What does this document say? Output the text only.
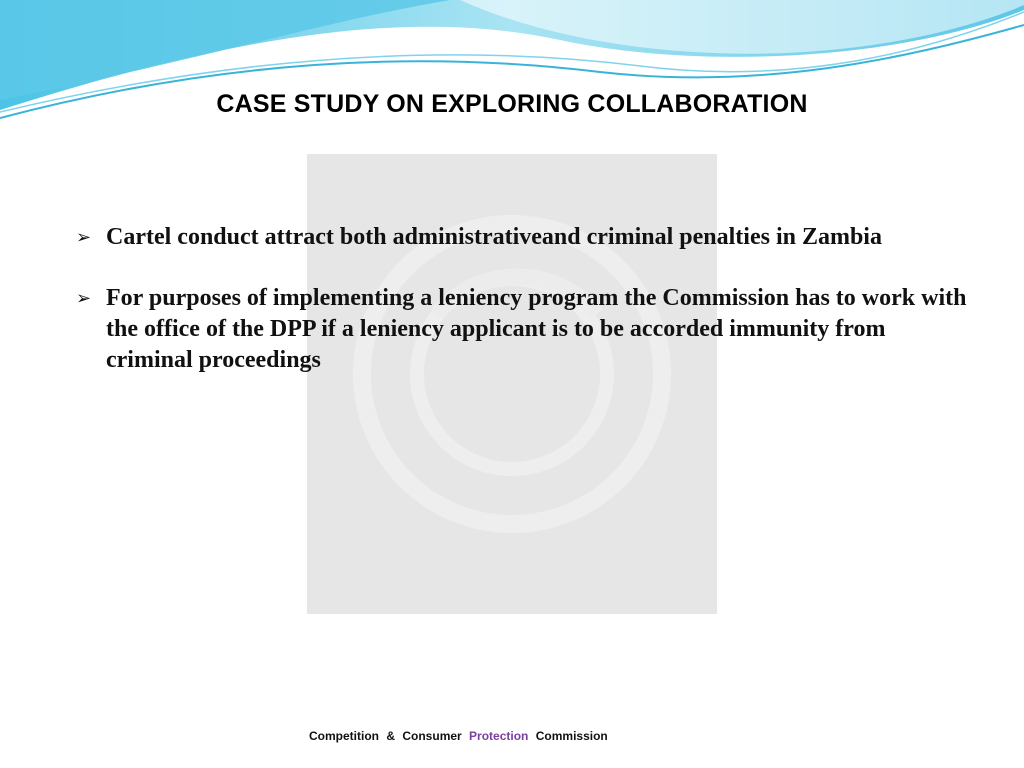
CASE STUDY ON EXPLORING COLLABORATION
➢ Cartel conduct attract both administrativeand criminal penalties in Zambia
➢ For purposes of implementing a leniency program the Commission has to work with the office of the DPP if a leniency applicant is to be accorded immunity from criminal proceedings
Competition & Consumer Protection Commission
